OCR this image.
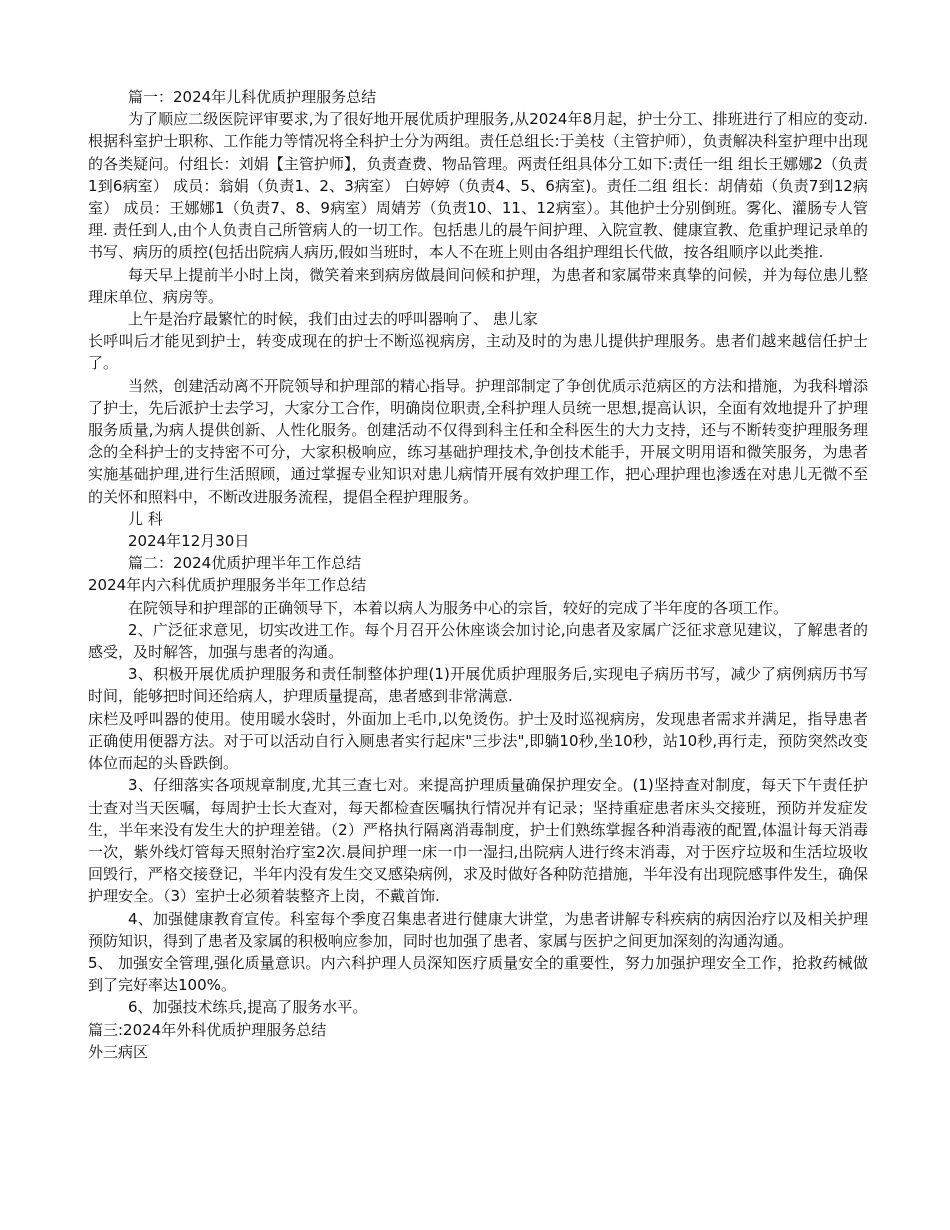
篇一：2024年儿科优质护理服务总结

为了顺应二级医院评审要求,为了很好地开展优质护理服务,从2024年8月起，护士分工、排班进行了相应的变动.根据科室护士职称、工作能力等情况将全科护士分为两组。责任总组长:于美枝（主管护师），负责解决科室护理中出现的各类疑问。付组长：刘娟【主管护师】，负责查费、物品管理。两责任组具体分工如下:责任一组 组长王娜娜2（负责1到6病室） 成员：翁娟（负责1、2、3病室） 白婷婷（负责4、5、6病室)。责任二组 组长：胡倩茹（负责7到12病室） 成员：王娜娜1（负责7、8、9病室）周婧芳（负责10、11、12病室）。其他护士分别倒班。雾化、灌肠专人管理. 责任到人,由个人负责自己所管病人的一切工作。包括患儿的晨午间护理、入院宣教、健康宣教、危重护理记录单的书写、病历的质控(包括出院病人病历,假如当班时，本人不在班上则由各组护理组长代做，按各组顺序以此类推.

每天早上提前半小时上岗，微笑着来到病房做晨间问候和护理，为患者和家属带来真挚的问候，并为每位患儿整理床单位、病房等。

上午是治疗最繁忙的时候，我们由过去的呼叫器响了、 患儿家

长呼叫后才能见到护士，转变成现在的护士不断巡视病房，主动及时的为患儿提供护理服务。患者们越来越信任护士了。

当然，创建活动离不开院领导和护理部的精心指导。护理部制定了争创优质示范病区的方法和措施，为我科增添了护士，先后派护士去学习，大家分工合作，明确岗位职责,全科护理人员统一思想,提高认识，全面有效地提升了护理服务质量,为病人提供创新、人性化服务。创建活动不仅得到科主任和全科医生的大力支持，还与不断转变护理服务理念的全科护士的支持密不可分，大家积极响应，练习基础护理技术,争创技术能手，开展文明用语和微笑服务，为患者实施基础护理,进行生活照顾，通过掌握专业知识对患儿病情开展有效护理工作，把心理护理也渗透在对患儿无微不至的关怀和照料中，不断改进服务流程，提倡全程护理服务。

儿 科

2024年12月30日

篇二：2024优质护理半年工作总结

2024年内六科优质护理服务半年工作总结

在院领导和护理部的正确领导下，本着以病人为服务中心的宗旨，较好的完成了半年度的各项工作。

2、广泛征求意见，切实改进工作。每个月召开公休座谈会加讨论,向患者及家属广泛征求意见建议，了解患者的感受，及时解答，加强与患者的沟通。

3、积极开展优质护理服务和责任制整体护理(1)开展优质护理服务后,实现电子病历书写，减少了病例病历书写时间，能够把时间还给病人，护理质量提高，患者感到非常满意.

床栏及呼叫器的使用。使用暖水袋时，外面加上毛巾,以免烫伤。护士及时巡视病房，发现患者需求并满足，指导患者正确使用便器方法。对于可以活动自行入厕患者实行起床"三步法",即躺10秒,坐10秒，站10秒,再行走，预防突然改变体位而起的头昏跌倒。

3、仔细落实各项规章制度,尤其三查七对。来提高护理质量确保护理安全。(1)坚持查对制度，每天下午责任护士查对当天医嘱，每周护士长大查对，每天都检查医嘱执行情况并有记录；坚持重症患者床头交接班，预防并发症发生，半年来没有发生大的护理差错。（2）严格执行隔离消毒制度，护士们熟练掌握各种消毒液的配置,体温计每天消毒一次，紫外线灯管每天照射治疗室2次.晨间护理一床一巾一湿扫,出院病人进行终末消毒，对于医疗垃圾和生活垃圾收回毁行，严格交接登记，半年内没有发生交叉感染病例，求及时做好各种防范措施，半年没有出现院感事件发生，确保护理安全。（3）室护士必须着装整齐上岗，不戴首饰.

4、加强健康教育宣传。科室每个季度召集患者进行健康大讲堂，为患者讲解专科疾病的病因治疗以及相关护理预防知识，得到了患者及家属的积极响应参加，同时也加强了患者、家属与医护之间更加深刻的沟通沟通。

5、 加强安全管理,强化质量意识。内六科护理人员深知医疗质量安全的重要性，努力加强护理安全工作，抢救药械做到了完好率达100%。

6、加强技术练兵,提高了服务水平。

篇三:2024年外科优质护理服务总结

外三病区
